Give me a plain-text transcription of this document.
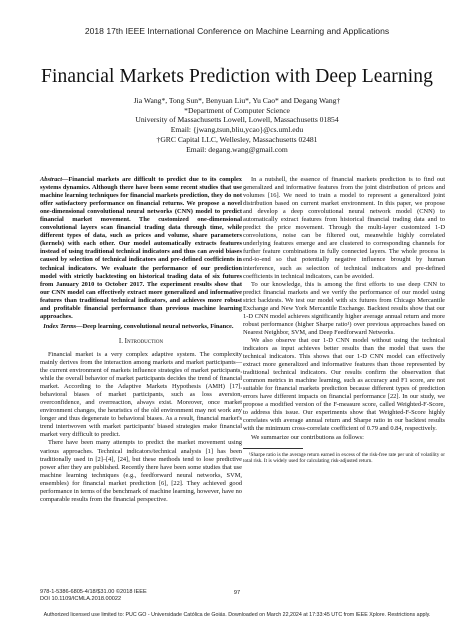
2018 17th IEEE International Conference on Machine Learning and Applications
Financial Markets Prediction with Deep Learning
Jia Wang*, Tong Sun*, Benyuan Liu*, Yu Cao* and Degang Wang†
*Department of Computer Science
University of Massachusetts Lowell, Lowell, Massachusetts 01854
Email: {jwang,tsun,bliu,ycao}@cs.uml.edu
†GRC Capital LLC, Wellesley, Massachusetts 02481
Email: degang.wang@gmail.com
Abstract—Financial markets are difficult to predict due to its complex systems dynamics. Although there have been some recent studies that use machine learning techniques for financial markets prediction, they do not offer satisfactory performance on financial returns. We propose a novel one-dimensional convolutional neural networks (CNN) model to predict financial market movement. The customized one-dimensional convolutional layers scan financial trading data through time, while different types of data, such as prices and volume, share parameters (kernels) with each other. Our model automatically extracts features instead of using traditional technical indicators and thus can avoid biases caused by selection of technical indicators and pre-defined coefficients in technical indicators. We evaluate the performance of our prediction model with strictly backtesting on historical trading data of six futures from January 2010 to October 2017. The experiment results show that our CNN model can effectively extract more generalized and informative features than traditional technical indicators, and achieves more robust and profitable financial performance than previous machine learning approaches.
Index Terms—Deep learning, convolutional neural networks, Finance.
I. Introduction

Financial market is a very complex adaptive system. The complexity mainly derives from the interaction among markets and market participants—the current environment of markets influence strategies of market participants, while the overall behavior of market participants decides the trend of financial market. According to the Adaptive Markets Hypothesis (AMH) [17], behavioral biases of market participants, such as loss aversion, overconfidence, and overreaction, always exist. Moreover, once market environment changes, the heuristics of the old environment may not work any longer and thus degenerate to behavioral biases. As a result, financial market's trend intertwoven with market participants' biased strategies make financial market very difficult to predict.

There have been many attempts to predict the market movement using various approaches. Technical indicators/technical analysis [1] has been traditionally used in [2]–[4], [24], but these methods tend to lose predictive power after they are published. Recently there have been some studies that use machine learning techniques (e.g., feedforward neural networks, SVM, ensembles) for financial market prediction [6], [22]. They achieved good performance in terms of the benchmark of machine learning, however, have no comparable results from the financial perspective.

In a nutshell, the essence of financial markets prediction is to find out generalized and informative features from the joint distribution of prices and volumes [16]. We need to train a model to represent a generalized joint distribution based on current market environment. In this paper, we propose and develop a deep convolutional neural network model (CNN) to automatically extract features from historical financial trading data and to predict the price movement. Through the multi-layer customized 1-D convolutions, noise can be filtered out, meanwhile highly correlated underlying features emerge and are clustered to corresponding channels for further feature combinations in fully connected layers. The whole process is end-to-end so that potentially negative influence brought by human interference, such as selection of technical indicators and pre-defined coefficients in technical indicators, can be avoided.

To our knowledge, this is among the first efforts to use deep CNN to predict financial markets and we verify the performance of our model using strict backtests. We test our model with six futures from Chicago Mercantile Exchange and New York Mercantile Exchange. Backtest results show that our 1-D CNN model achieves significantly higher average annual return and more robust performance (higher Sharpe ratio¹) over previous approaches based on Nearest Neighbor, SVM, and Deep Feedforward Networks.

We also observe that our 1-D CNN model without using the technical indicators as input achieves better results than the model that uses the technical indicators. This shows that our 1-D CNN model can effectively extract more generalized and informative features than those represented by traditional technical indicators. Our results confirm the observation that common metrics in machine learning, such as accuracy and F1 score, are not suitable for financial markets prediction because different types of prediction errors have different impacts on financial performance [22]. In our study, we propose a modified version of the F-measure score, called Weighted-F-Score, to address this issue. Our experiments show that Weighted-F-Score highly correlates with average annual return and Sharpe ratio in our backtest results with the minimum cross-correlate coefficient of 0.79 and 0.84, respectively.

We summarize our contributions as follows:

¹Sharpe ratio is the average return earned in excess of the risk-free rate per unit of volatility or total risk. It is widely used for calculating risk-adjusted return.
978-1-5386-6805-4/18/$31.00 ©2018 IEEE
DOI 10.1109/ICMLA.2018.00022
97
Authorized licensed use limited to: PUC GO - Universidade Católica de Goiás. Downloaded on March 22,2024 at 17:33:45 UTC from IEEE Xplore. Restrictions apply.
